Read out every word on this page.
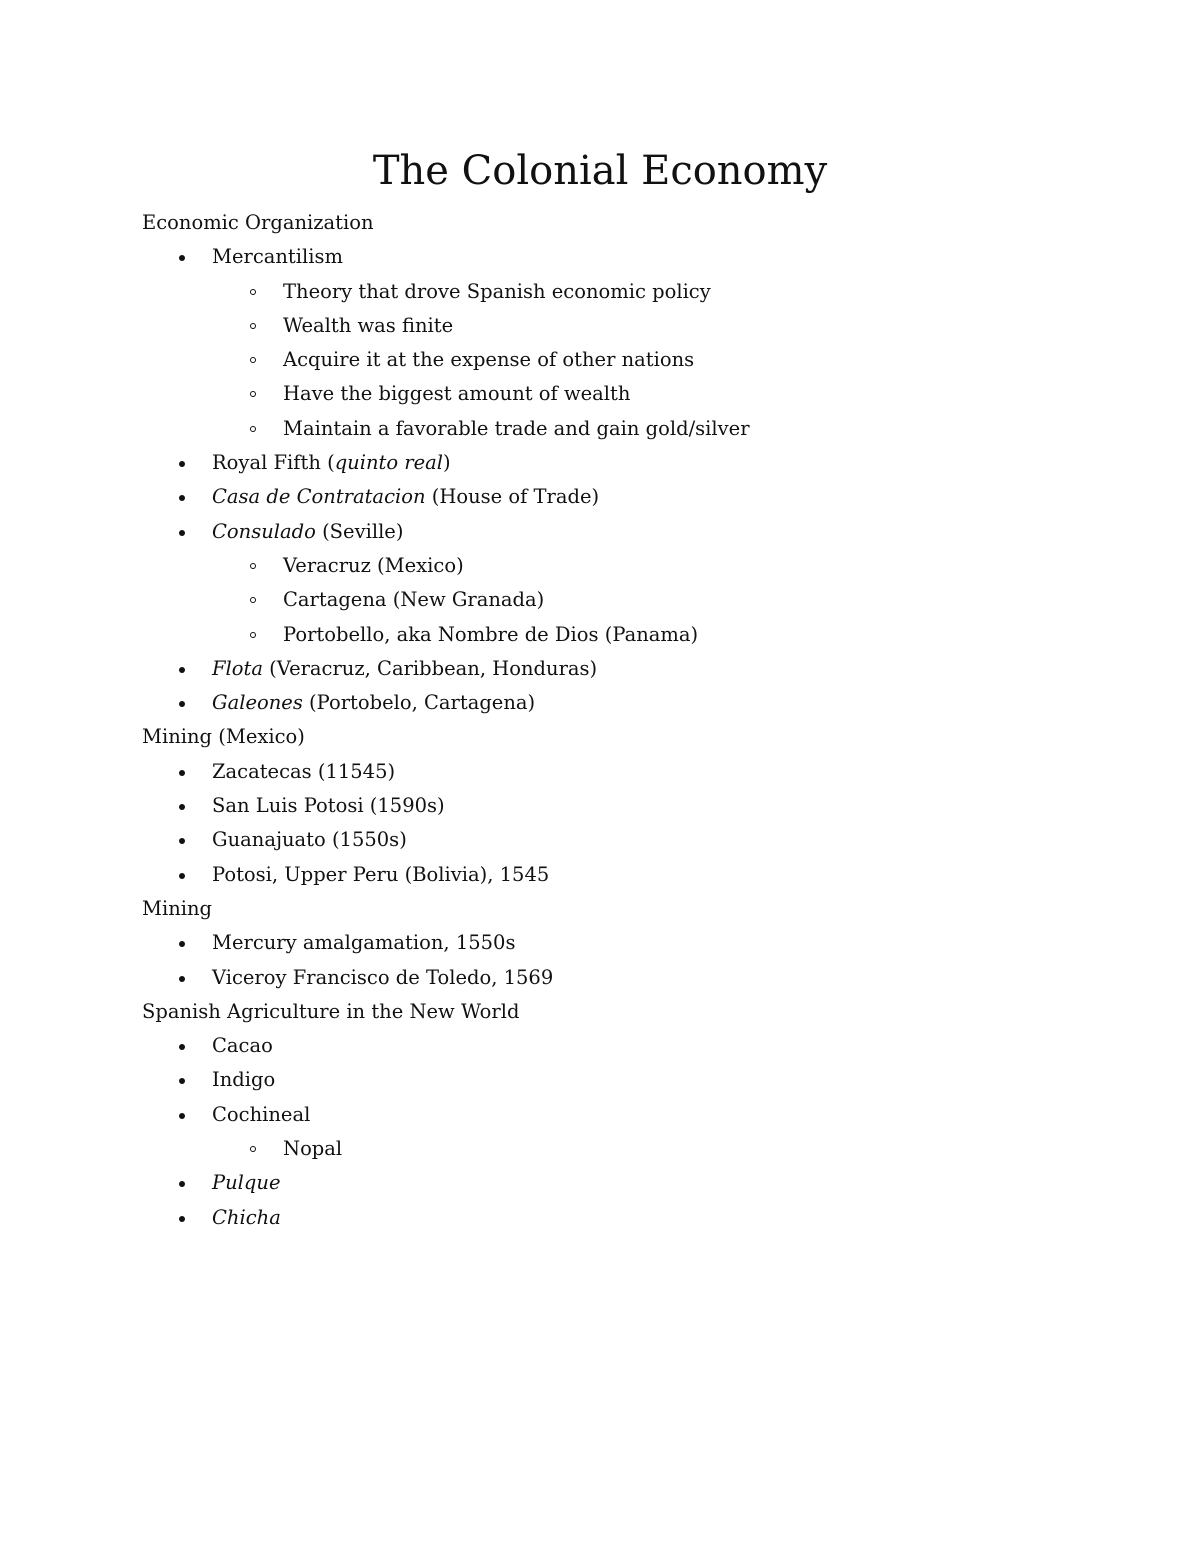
The Colonial Economy
Economic Organization
Mercantilism
Theory that drove Spanish economic policy
Wealth was finite
Acquire it at the expense of other nations
Have the biggest amount of wealth
Maintain a favorable trade and gain gold/silver
Royal Fifth (quinto real)
Casa de Contratacion (House of Trade)
Consulado (Seville)
Veracruz (Mexico)
Cartagena (New Granada)
Portobello, aka Nombre de Dios (Panama)
Flota (Veracruz, Caribbean, Honduras)
Galeones (Portobelo, Cartagena)
Mining (Mexico)
Zacatecas (11545)
San Luis Potosi (1590s)
Guanajuato (1550s)
Potosi, Upper Peru (Bolivia), 1545
Mining
Mercury amalgamation, 1550s
Viceroy Francisco de Toledo, 1569
Spanish Agriculture in the New World
Cacao
Indigo
Cochineal
Nopal
Pulque
Chicha
